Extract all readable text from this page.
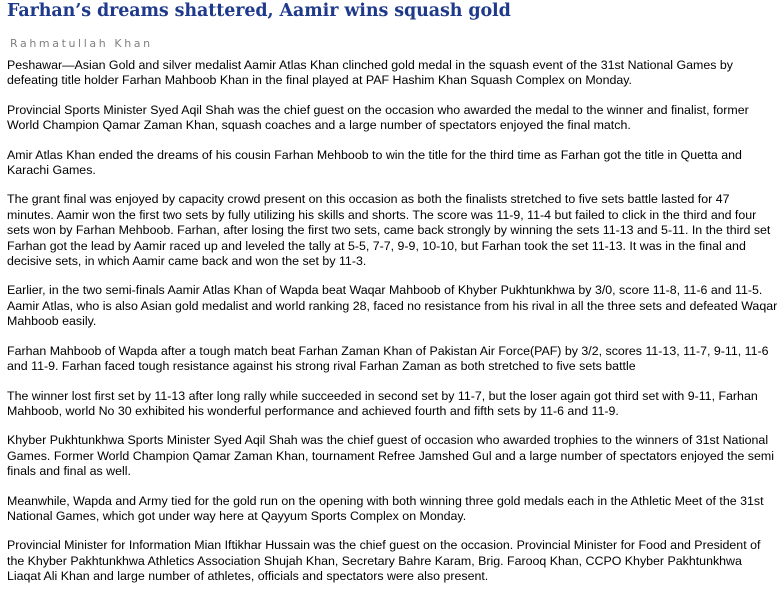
Farhan’s dreams shattered, Aamir wins squash gold
Rahmatullah Khan

Peshawar—Asian Gold and silver medalist Aamir Atlas Khan clinched gold medal in the squash event of the 31st National Games by defeating title holder Farhan Mahboob Khan in the final played at PAF Hashim Khan Squash Complex on Monday.

Provincial Sports Minister Syed Aqil Shah was the chief guest on the occasion who awarded the medal to the winner and finalist, former World Champion Qamar Zaman Khan, squash coaches and a large number of spectators enjoyed the final match.

Amir Atlas Khan ended the dreams of his cousin Farhan Mehboob to win the title for the third time as Farhan got the title in Quetta and Karachi Games.

The grant final was enjoyed by capacity crowd present on this occasion as both the finalists stretched to five sets battle lasted for 47 minutes. Aamir won the first two sets by fully utilizing his skills and shorts. The score was 11-9, 11-4 but failed to click in the third and four sets won by Farhan Mehboob. Farhan, after losing the first two sets, came back strongly by winning the sets 11-13 and 5-11. In the third set Farhan got the lead by Aamir raced up and leveled the tally at 5-5, 7-7, 9-9, 10-10, but Farhan took the set 11-13. It was in the final and decisive sets, in which Aamir came back and won the set by 11-3.

Earlier, in the two semi-finals Aamir Atlas Khan of Wapda beat Waqar Mahboob of Khyber Pukhtunkhwa by 3/0, score 11-8, 11-6 and 11-5. Aamir Atlas, who is also Asian gold medalist and world ranking 28, faced no resistance from his rival in all the three sets and defeated Waqar Mahboob easily.

Farhan Mahboob of Wapda after a tough match beat Farhan Zaman Khan of Pakistan Air Force(PAF) by 3/2, scores 11-13, 11-7, 9-11, 11-6 and 11-9. Farhan faced tough resistance against his strong rival Farhan Zaman as both stretched to five sets battle

The winner lost first set by 11-13 after long rally while succeeded in second set by 11-7, but the loser again got third set with 9-11, Farhan Mahboob, world No 30 exhibited his wonderful performance and achieved fourth and fifth sets by 11-6 and 11-9.

Khyber Pukhtunkhwa Sports Minister Syed Aqil Shah was the chief guest of occasion who awarded trophies to the winners of 31st National Games. Former World Champion Qamar Zaman Khan, tournament Refree Jamshed Gul and a large number of spectators enjoyed the semi finals and final as well.

Meanwhile, Wapda and Army tied for the gold run on the opening with both winning three gold medals each in the Athletic Meet of the 31st National Games, which got under way here at Qayyum Sports Complex on Monday.

Provincial Minister for Information Mian Iftikhar Hussain was the chief guest on the occasion. Provincial Minister for Food and President of the Khyber Pakhtunkhwa Athletics Association Shujah Khan, Secretary Bahre Karam, Brig. Farooq Khan, CCPO Khyber Pakhtunkhwa Liaqat Ali Khan and large number of athletes, officials and spectators were also present.
